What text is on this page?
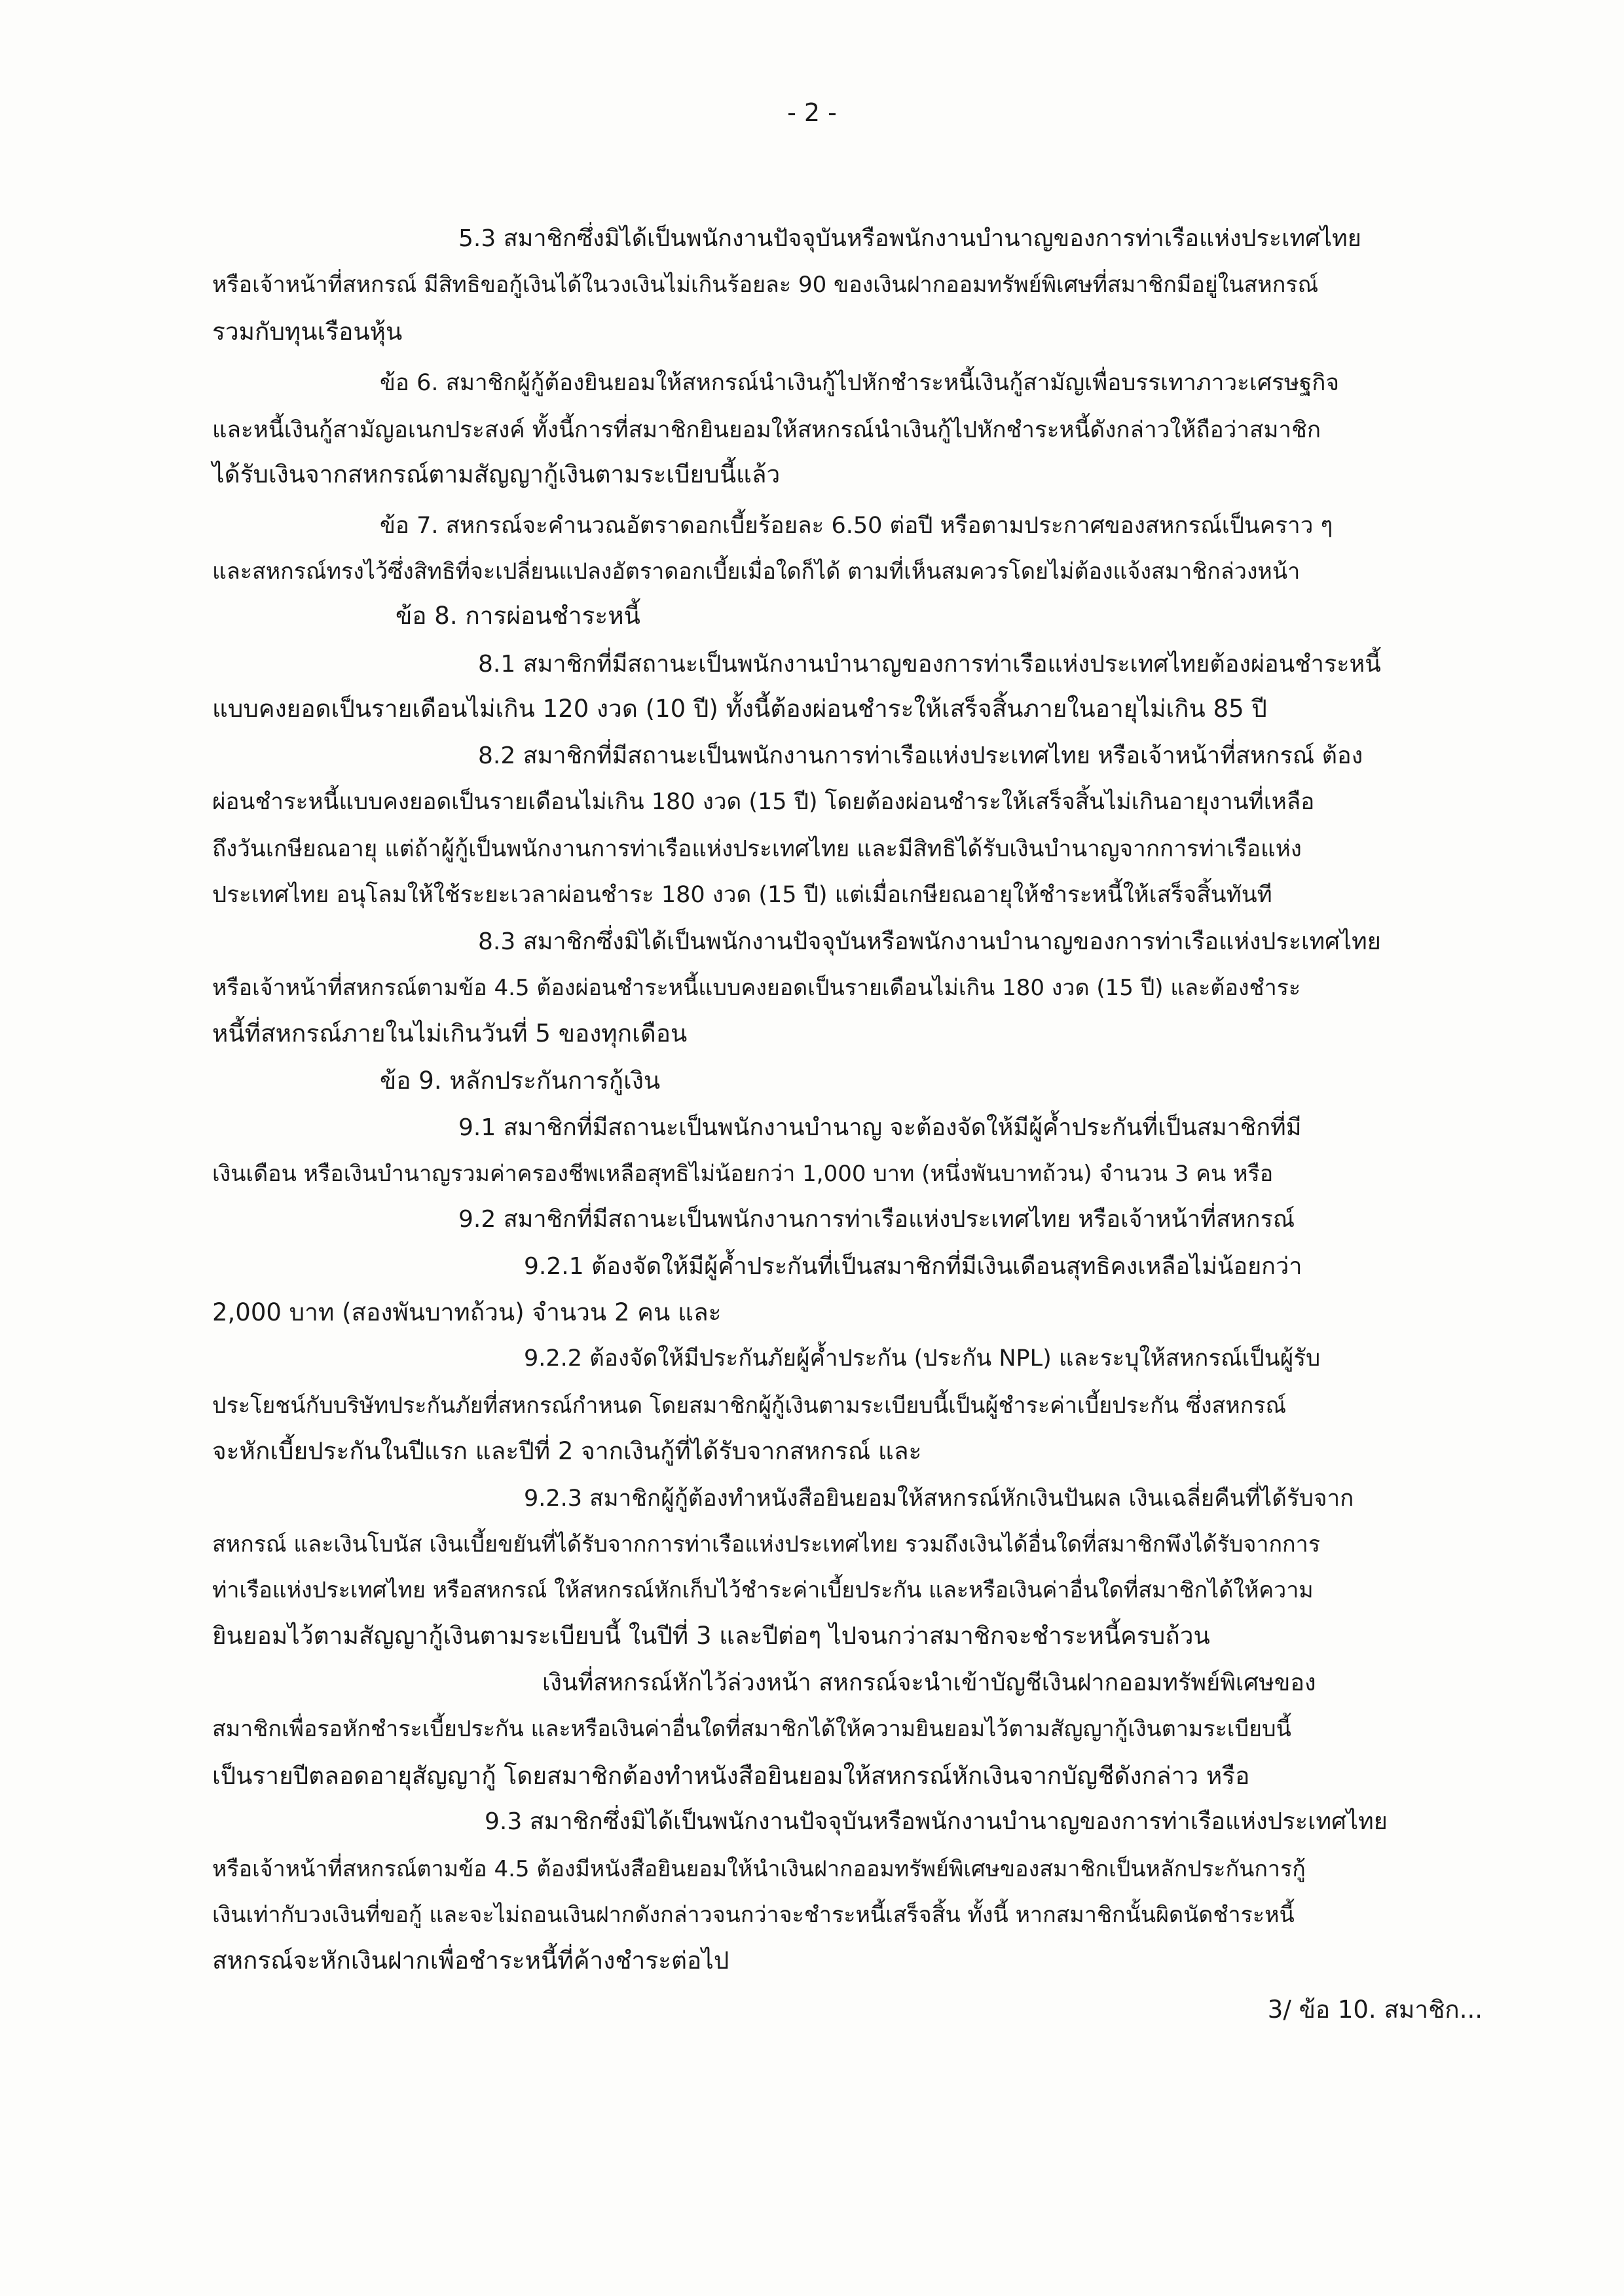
- 2 -
5.3 สมาชิกซึ่งมิได้เป็นพนักงานปัจจุบันหรือพนักงานบำนาญของการท่าเรือแห่งประเทศไทย
หรือเจ้าหน้าที่สหกรณ์ มีสิทธิขอกู้เงินได้ในวงเงินไม่เกินร้อยละ 90 ของเงินฝากออมทรัพย์พิเศษที่สมาชิกมีอยู่ในสหกรณ์
รวมกับทุนเรือนหุ้น
ข้อ 6. สมาชิกผู้กู้ต้องยินยอมให้สหกรณ์นำเงินกู้ไปหักชำระหนี้เงินกู้สามัญเพื่อบรรเทาภาวะเศรษฐกิจ
และหนี้เงินกู้สามัญอเนกประสงค์ ทั้งนี้การที่สมาชิกยินยอมให้สหกรณ์นำเงินกู้ไปหักชำระหนี้ดังกล่าวให้ถือว่าสมาชิก
ได้รับเงินจากสหกรณ์ตามสัญญากู้เงินตามระเบียบนี้แล้ว
ข้อ 7. สหกรณ์จะคำนวณอัตราดอกเบี้ยร้อยละ 6.50 ต่อปี หรือตามประกาศของสหกรณ์เป็นคราว ๆ
และสหกรณ์ทรงไว้ซึ่งสิทธิที่จะเปลี่ยนแปลงอัตราดอกเบี้ยเมื่อใดก็ได้ ตามที่เห็นสมควรโดยไม่ต้องแจ้งสมาชิกล่วงหน้า
ข้อ 8. การผ่อนชำระหนี้
8.1 สมาชิกที่มีสถานะเป็นพนักงานบำนาญของการท่าเรือแห่งประเทศไทยต้องผ่อนชำระหนี้
แบบคงยอดเป็นรายเดือนไม่เกิน 120 งวด (10 ปี) ทั้งนี้ต้องผ่อนชำระให้เสร็จสิ้นภายในอายุไม่เกิน 85 ปี
8.2 สมาชิกที่มีสถานะเป็นพนักงานการท่าเรือแห่งประเทศไทย หรือเจ้าหน้าที่สหกรณ์ ต้อง
ผ่อนชำระหนี้แบบคงยอดเป็นรายเดือนไม่เกิน 180 งวด (15 ปี) โดยต้องผ่อนชำระให้เสร็จสิ้นไม่เกินอายุงานที่เหลือ
ถึงวันเกษียณอายุ แต่ถ้าผู้กู้เป็นพนักงานการท่าเรือแห่งประเทศไทย และมีสิทธิได้รับเงินบำนาญจากการท่าเรือแห่ง
ประเทศไทย อนุโลมให้ใช้ระยะเวลาผ่อนชำระ 180 งวด (15 ปี) แต่เมื่อเกษียณอายุให้ชำระหนี้ให้เสร็จสิ้นทันที
8.3 สมาชิกซึ่งมิได้เป็นพนักงานปัจจุบันหรือพนักงานบำนาญของการท่าเรือแห่งประเทศไทย
หรือเจ้าหน้าที่สหกรณ์ตามข้อ 4.5 ต้องผ่อนชำระหนี้แบบคงยอดเป็นรายเดือนไม่เกิน 180 งวด (15 ปี) และต้องชำระ
หนี้ที่สหกรณ์ภายในไม่เกินวันที่ 5 ของทุกเดือน
ข้อ 9. หลักประกันการกู้เงิน
9.1 สมาชิกที่มีสถานะเป็นพนักงานบำนาญ จะต้องจัดให้มีผู้ค้ำประกันที่เป็นสมาชิกที่มี
เงินเดือน หรือเงินบำนาญรวมค่าครองชีพเหลือสุทธิไม่น้อยกว่า 1,000 บาท (หนึ่งพันบาทถ้วน) จำนวน 3 คน หรือ
9.2 สมาชิกที่มีสถานะเป็นพนักงานการท่าเรือแห่งประเทศไทย หรือเจ้าหน้าที่สหกรณ์
9.2.1 ต้องจัดให้มีผู้ค้ำประกันที่เป็นสมาชิกที่มีเงินเดือนสุทธิคงเหลือไม่น้อยกว่า
2,000 บาท (สองพันบาทถ้วน) จำนวน 2 คน และ
9.2.2 ต้องจัดให้มีประกันภัยผู้ค้ำประกัน (ประกัน NPL) และระบุให้สหกรณ์เป็นผู้รับ
ประโยชน์กับบริษัทประกันภัยที่สหกรณ์กำหนด โดยสมาชิกผู้กู้เงินตามระเบียบนี้เป็นผู้ชำระค่าเบี้ยประกัน ซึ่งสหกรณ์
จะหักเบี้ยประกันในปีแรก และปีที่ 2 จากเงินกู้ที่ได้รับจากสหกรณ์ และ
9.2.3 สมาชิกผู้กู้ต้องทำหนังสือยินยอมให้สหกรณ์หักเงินปันผล เงินเฉลี่ยคืนที่ได้รับจาก
สหกรณ์ และเงินโบนัส เงินเบี้ยขยันที่ได้รับจากการท่าเรือแห่งประเทศไทย รวมถึงเงินได้อื่นใดที่สมาชิกพึงได้รับจากการ
ท่าเรือแห่งประเทศไทย หรือสหกรณ์ ให้สหกรณ์หักเก็บไว้ชำระค่าเบี้ยประกัน และหรือเงินค่าอื่นใดที่สมาชิกได้ให้ความ
ยินยอมไว้ตามสัญญากู้เงินตามระเบียบนี้ ในปีที่ 3 และปีต่อๆ ไปจนกว่าสมาชิกจะชำระหนี้ครบถ้วน
เงินที่สหกรณ์หักไว้ล่วงหน้า สหกรณ์จะนำเข้าบัญชีเงินฝากออมทรัพย์พิเศษของ
สมาชิกเพื่อรอหักชำระเบี้ยประกัน และหรือเงินค่าอื่นใดที่สมาชิกได้ให้ความยินยอมไว้ตามสัญญากู้เงินตามระเบียบนี้
เป็นรายปีตลอดอายุสัญญากู้ โดยสมาชิกต้องทำหนังสือยินยอมให้สหกรณ์หักเงินจากบัญชีดังกล่าว หรือ
9.3 สมาชิกซึ่งมิได้เป็นพนักงานปัจจุบันหรือพนักงานบำนาญของการท่าเรือแห่งประเทศไทย
หรือเจ้าหน้าที่สหกรณ์ตามข้อ 4.5 ต้องมีหนังสือยินยอมให้นำเงินฝากออมทรัพย์พิเศษของสมาชิกเป็นหลักประกันการกู้
เงินเท่ากับวงเงินที่ขอกู้ และจะไม่ถอนเงินฝากดังกล่าวจนกว่าจะชำระหนี้เสร็จสิ้น ทั้งนี้ หากสมาชิกนั้นผิดนัดชำระหนี้
สหกรณ์จะหักเงินฝากเพื่อชำระหนี้ที่ค้างชำระต่อไป
3/ ข้อ 10. สมาชิก...
